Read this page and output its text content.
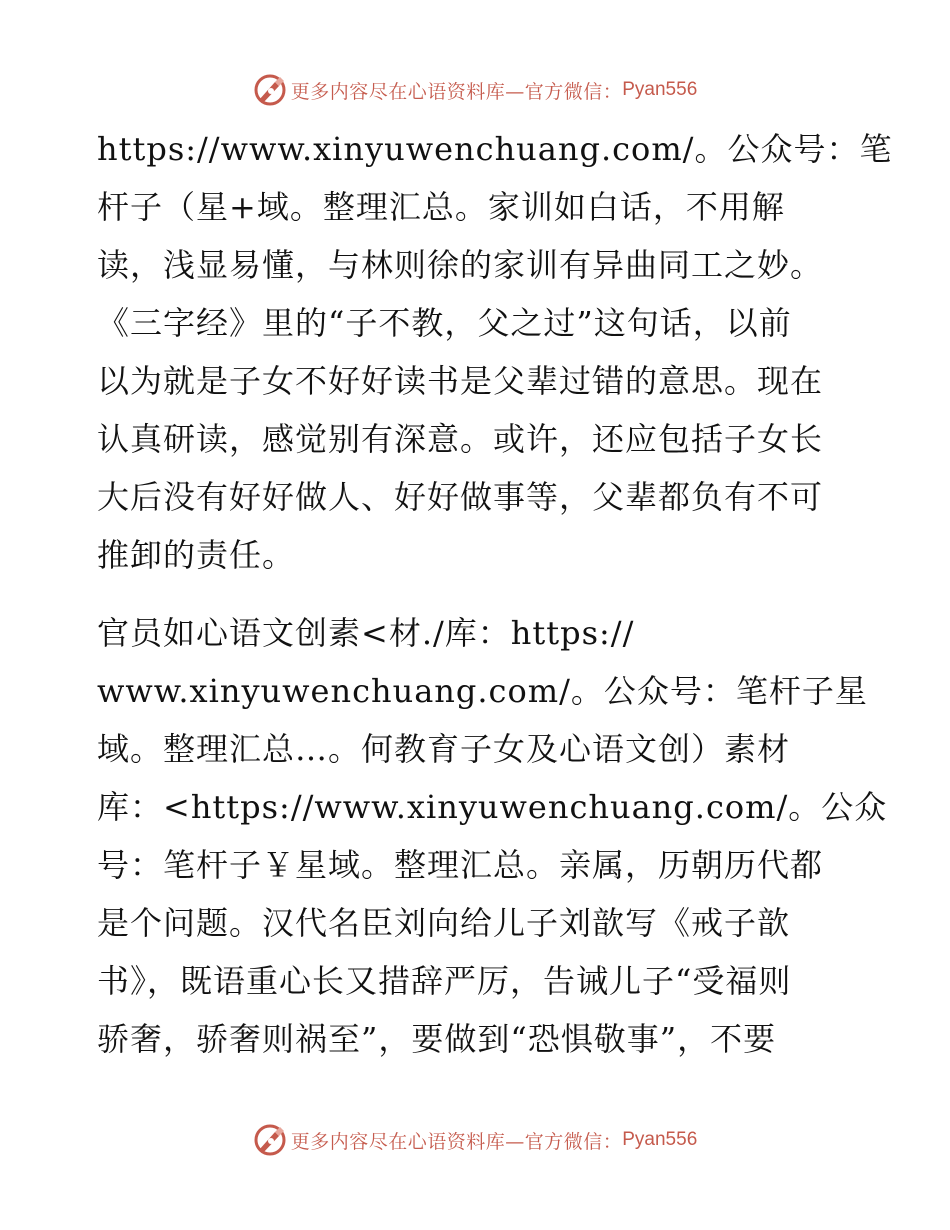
更多内容尽在心语资料库—官方微信： Pyan556
https://www.xinyuwenchuang.com/。公众号：笔
杆子（星+域。整理汇总。家训如白话，不用解
读，浅显易懂，与林则徐的家训有异曲同工之妙。
《三字经》里的“子不教，父之过”这句话，以前
以为就是子女不好好读书是父辈过错的意思。现在
认真研读，感觉别有深意。或许，还应包括子女长
大后没有好好做人、好好做事等，父辈都负有不可
推卸的责任。
官员如心语文创素<材./库：https://
www.xinyuwenchuang.com/。公众号：笔杆子星
域。整理汇总…。何教育子女及心语文创）素材
库：<https://www.xinyuwenchuang.com/。公众
号：笔杆子￥星域。整理汇总。亲属，历朝历代都
是个问题。汉代名臣刘向给儿子刘歆写《戒子歆
书》，既语重心长又措辞严厉，告诫儿子“受福则
骄奢，骄奢则祸至”，要做到“恐惧敬事”，不要
更多内容尽在心语资料库—官方微信： Pyan556
